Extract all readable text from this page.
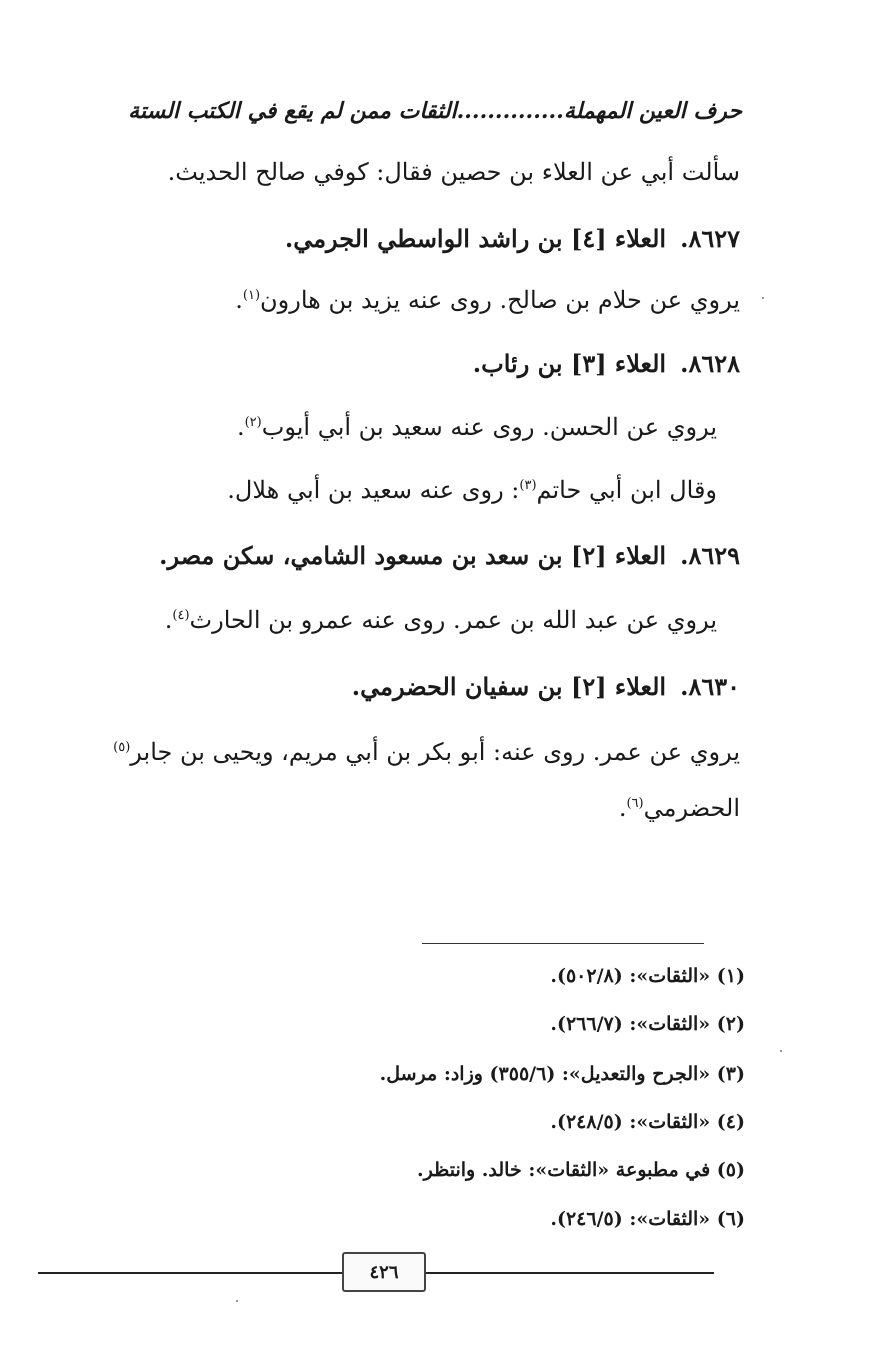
حرف العين المهملة..............الثقات ممن لم يقع في الكتب الستة
سألت أبي عن العلاء بن حصين فقال: كوفي صالح الحديث.
٨٦٢٧.العلاء [٤] بن راشد الواسطي الجرمي.
يروي عن حلام بن صالح. روى عنه يزيد بن هارون$^{(١)}$.
٨٦٢٨.العلاء [٣] بن رئاب.
يروي عن الحسن. روى عنه سعيد بن أبي أيوب$^{(٢)}$.
وقال ابن أبي حاتم$^{(٣)}$: روى عنه سعيد بن أبي هلال.
٨٦٢٩.العلاء [٢] بن سعد بن مسعود الشامي، سكن مصر.
يروي عن عبد الله بن عمر. روى عنه عمرو بن الحارث$^{(٤)}$.
٨٦٣٠.العلاء [٢] بن سفيان الحضرمي.
يروي عن عمر. روى عنه: أبو بكر بن أبي مريم، ويحيى بن جابر$^{(٥)}$
الحضرمي$^{(٦)}$.
(١) «الثقات»: (٥٠٢/٨).
(٢) «الثقات»: (٢٦٦/٧).
(٣) «الجرح والتعديل»: (٣٥٥/٦) وزاد: مرسل.
(٤) «الثقات»: (٢٤٨/٥).
(٥) في مطبوعة «الثقات»: خالد. وانتظر.
(٦) «الثقات»: (٢٤٦/٥).
٤٢٦
